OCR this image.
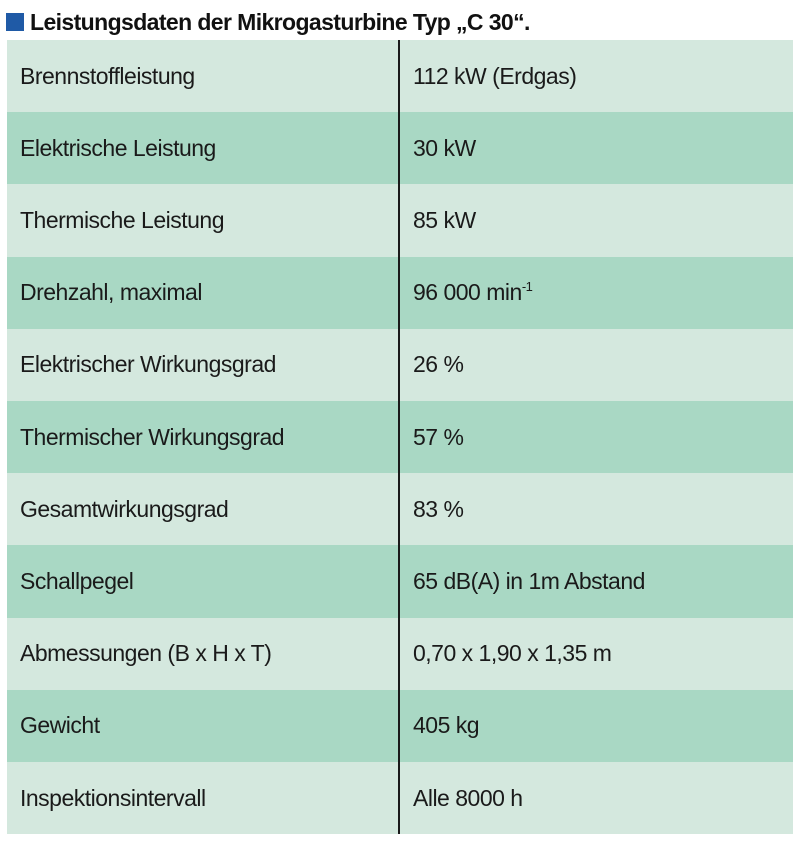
Leistungsdaten der Mikrogasturbine Typ „C 30“.
Brennstoffleistung	112 kW (Erdgas)
Elektrische Leistung	30 kW
Thermische Leistung	85 kW
Drehzahl, maximal	96 000 $\min^{-1}$
Elektrischer Wirkungsgrad	26 %
Thermischer Wirkungsgrad	57 %
Gesamtwirkungsgrad	83 %
Schallpegel	65 dB(A) in 1m Abstand
Abmessungen (B x H x T)	0,70 x 1,90 x 1,35 m
Gewicht	405 kg
Inspektionsintervall	Alle 8000 h
